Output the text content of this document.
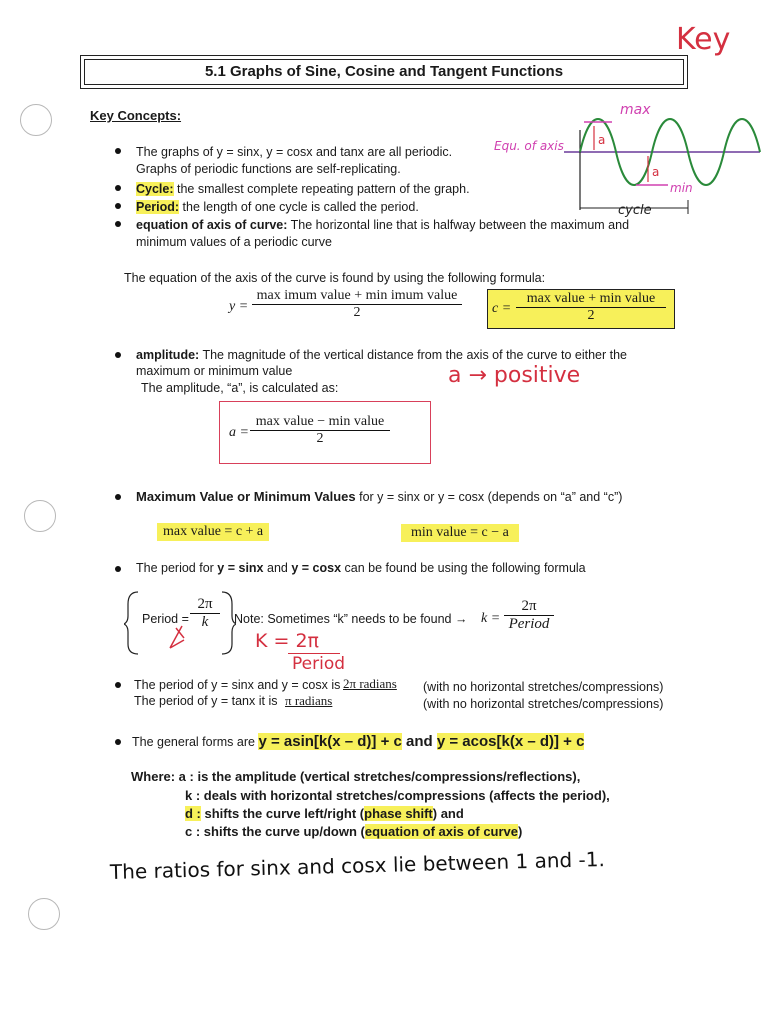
Key
5.1 Graphs of Sine, Cosine and Tangent Functions
Key Concepts:
The graphs of y = sinx, y = cosx and tanx are all periodic.
Graphs of periodic functions are self-replicating.
Cycle: the smallest complete repeating pattern of the graph.
Period: the length of one cycle is called the period.
equation of axis of curve: The horizontal line that is halfway between the maximum and
minimum values of a periodic curve
max
min
Equ. of axis	a
a
cycle
The equation of the axis of the curve is found by using the following formula:
y =
max imum value + min imum value
2	c =
max value + min value
2
amplitude: The magnitude of the vertical distance from the axis of the curve to either the
maximum or minimum value
The amplitude, “a”, is calculated as:	a → positive
a =
max value − min value
2
Maximum Value or Minimum Values for y = sinx or y = cosx (depends on “a” and “c”)
max value = c + a	min value = c − a
The period for y = sinx and y = cosx can be found be using the following formula
Period = $\frac{2\pi}{k}$ Note: Sometimes “k” needs to be found → k =
2π
Period
K = 2π
Period
The period of y = sinx and y = cosx is 2π radians (with no horizontal stretches/compressions)
The period of y = tanx it is π radians	(with no horizontal stretches/compressions)
The general forms are y = asin[k(x – d)] + c and y = acos[k(x – d)] + c
Where: a : is the amplitude (vertical stretches/compressions/reflections),
k : deals with horizontal stretches/compressions (affects the period),
d : shifts the curve left/right (phase shift) and
c : shifts the curve up/down (equation of axis of curve)
The ratios for sinx and cosx lie between 1 and -1.
